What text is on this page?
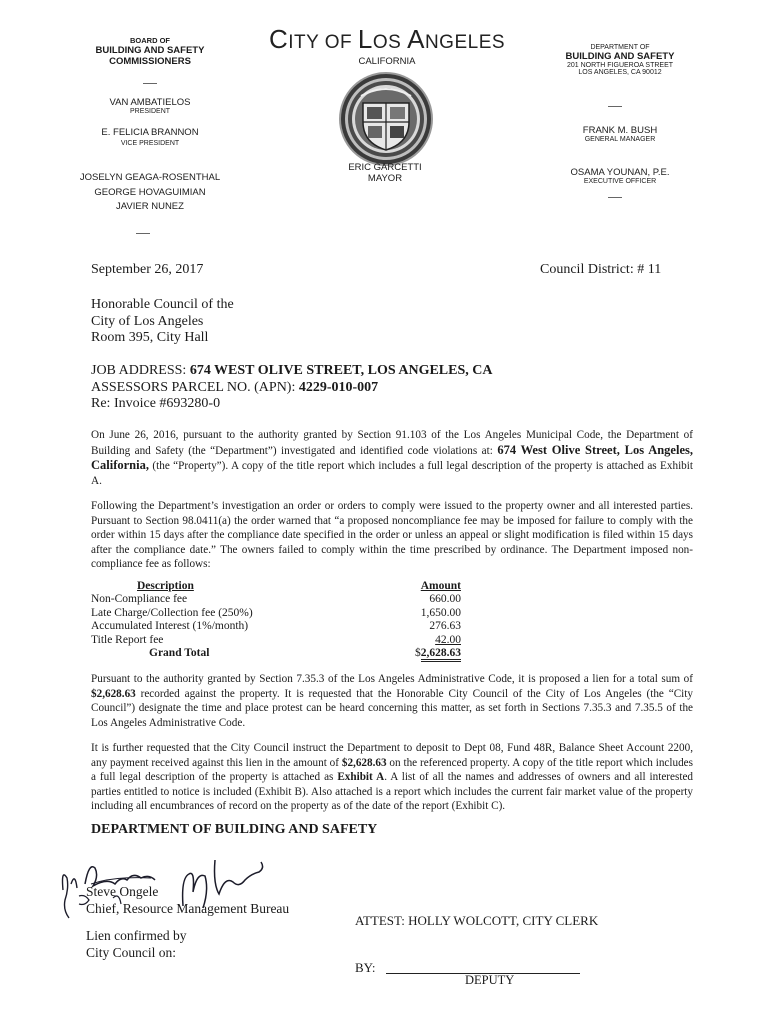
BOARD OF
BUILDING AND SAFETY
COMMISSIONERS
VAN AMBATIELOS
PRESIDENT
E. FELICIA BRANNON
VICE PRESIDENT
JOSELYN GEAGA-ROSENTHAL
GEORGE HOVAGUIMIAN
JAVIER NUNEZ
CITY OF LOS ANGELES
CALIFORNIA
ERIC GARCETTI
MAYOR
DEPARTMENT OF
BUILDING AND SAFETY
201 NORTH FIGUEROA STREET
LOS ANGELES, CA 90012
FRANK M. BUSH
GENERAL MANAGER
OSAMA YOUNAN, P.E.
EXECUTIVE OFFICER
September 26, 2017	Council District: # 11
Honorable Council of the
City of Los Angeles
Room 395, City Hall
JOB ADDRESS: 674 WEST OLIVE STREET, LOS ANGELES, CA
ASSESSORS PARCEL NO. (APN): 4229-010-007
Re: Invoice #693280-0
On June 26, 2016, pursuant to the authority granted by Section 91.103 of the Los Angeles Municipal Code, the Department of Building and Safety (the “Department”) investigated and identified code violations at: 674 West Olive Street, Los Angeles, California, (the “Property”). A copy of the title report which includes a full legal description of the property is attached as Exhibit A.
Following the Department’s investigation an order or orders to comply were issued to the property owner and all interested parties. Pursuant to Section 98.0411(a) the order warned that “a proposed noncompliance fee may be imposed for failure to comply with the order within 15 days after the compliance date specified in the order or unless an appeal or slight modification is filed within 15 days after the compliance date.” The owners failed to comply within the time prescribed by ordinance. The Department imposed non-compliance fee as follows:
Description		Amount
Non-Compliance fee		660.00
Late Charge/Collection fee (250%)		1,650.00
Accumulated Interest (1%/month)		276.63
Title Report fee		42.00
Grand Total	$	2,628.63
Pursuant to the authority granted by Section 7.35.3 of the Los Angeles Administrative Code, it is proposed a lien for a total sum of $2,628.63 recorded against the property. It is requested that the Honorable City Council of the City of Los Angeles (the “City Council”) designate the time and place protest can be heard concerning this matter, as set forth in Sections 7.35.3 and 7.35.5 of the Los Angeles Administrative Code.
It is further requested that the City Council instruct the Department to deposit to Dept 08, Fund 48R, Balance Sheet Account 2200, any payment received against this lien in the amount of $2,628.63 on the referenced property. A copy of the title report which includes a full legal description of the property is attached as Exhibit A. A list of all the names and addresses of owners and all interested parties entitled to notice is included (Exhibit B). Also attached is a report which includes the current fair market value of the property including all encumbrances of record on the property as of the date of the report (Exhibit C).
DEPARTMENT OF BUILDING AND SAFETY
Steve Ongele
Chief, Resource Management Bureau
ATTEST: HOLLY WOLCOTT, CITY CLERK
Lien confirmed by
City Council on:
BY:
DEPUTY
